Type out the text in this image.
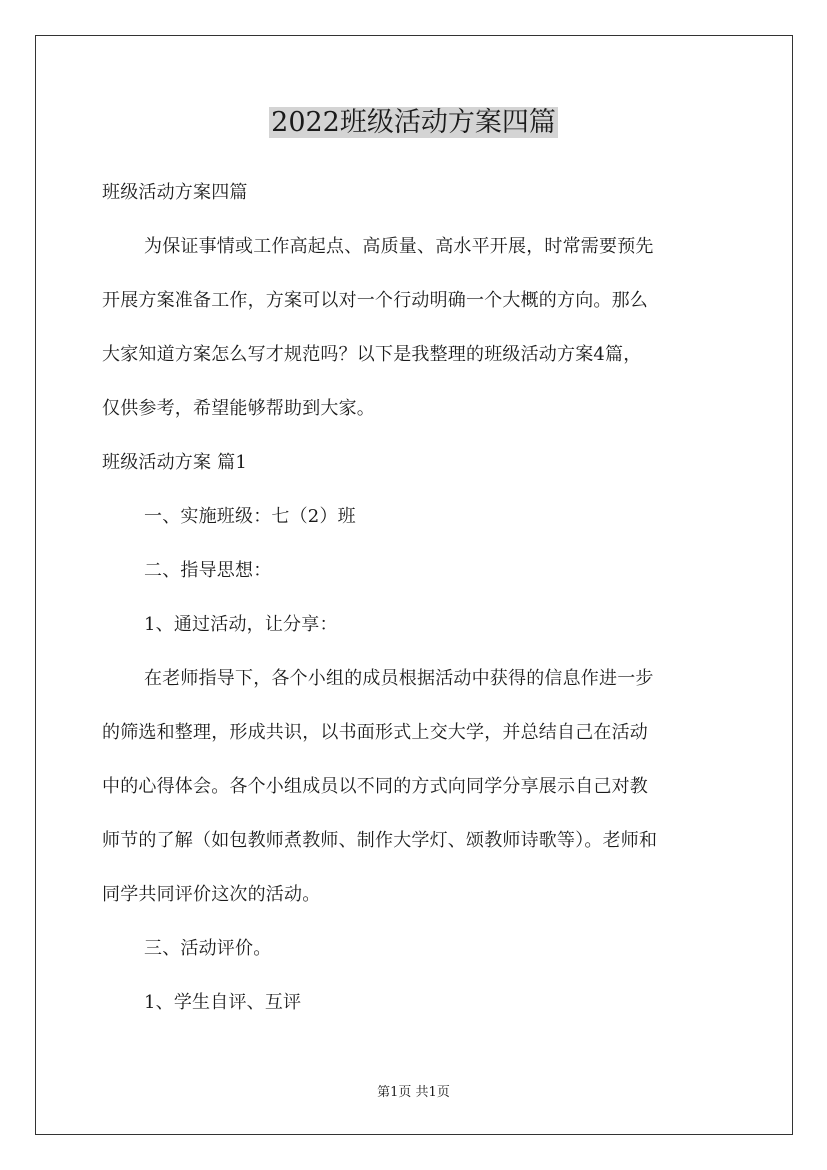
2022班级活动方案四篇
班级活动方案四篇
为保证事情或工作高起点、高质量、高水平开展，时常需要预先
开展方案准备工作，方案可以对一个行动明确一个大概的方向。那么
大家知道方案怎么写才规范吗？以下是我整理的班级活动方案4篇，
仅供参考，希望能够帮助到大家。
班级活动方案 篇1
一、实施班级：七（2）班
二、指导思想：
1、通过活动，让分享：
在老师指导下，各个小组的成员根据活动中获得的信息作进一步
的筛选和整理，形成共识，以书面形式上交大学，并总结自己在活动
中的心得体会。各个小组成员以不同的方式向同学分享展示自己对教
师节的了解（如包教师煮教师、制作大学灯、颂教师诗歌等）。老师和
同学共同评价这次的活动。
三、活动评价。
1、学生自评、互评
第1页 共1页
